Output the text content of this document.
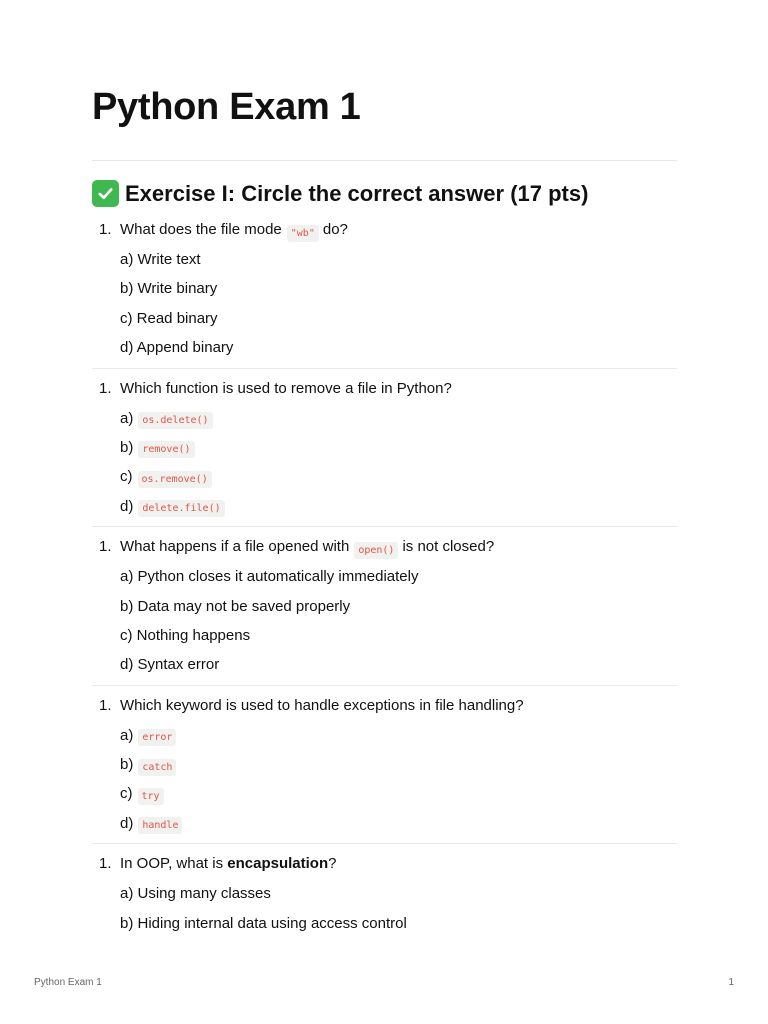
Python Exam 1
Exercise I: Circle the correct answer (17 pts)
1. What does the file mode "wb" do?
a) Write text
b) Write binary
c) Read binary
d) Append binary
1. Which function is used to remove a file in Python?
a) os.delete()
b) remove()
c) os.remove()
d) delete.file()
1. What happens if a file opened with open() is not closed?
a) Python closes it automatically immediately
b) Data may not be saved properly
c) Nothing happens
d) Syntax error
1. Which keyword is used to handle exceptions in file handling?
a) error
b) catch
c) try
d) handle
1. In OOP, what is encapsulation?
a) Using many classes
b) Hiding internal data using access control
Python Exam 1	1
